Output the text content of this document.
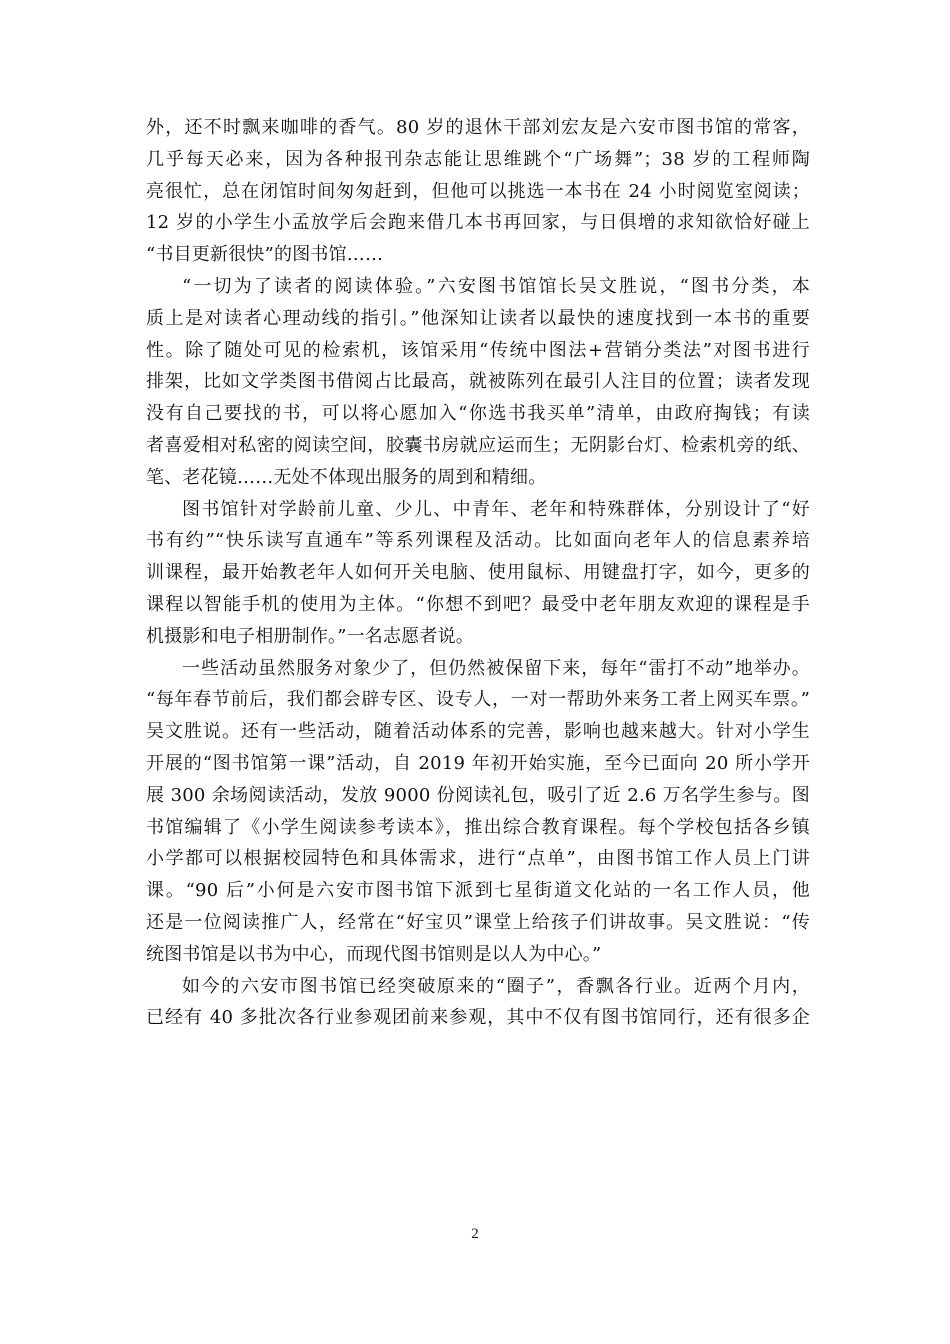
外，还不时飘来咖啡的香气。80 岁的退休干部刘宏友是六安市图书馆的常客，
几乎每天必来，因为各种报刊杂志能让思维跳个“广场舞”；38 岁的工程师陶
亮很忙，总在闭馆时间匆匆赶到，但他可以挑选一本书在 24 小时阅览室阅读；
12 岁的小学生小孟放学后会跑来借几本书再回家，与日俱增的求知欲恰好碰上
“书目更新很快”的图书馆……
“一切为了读者的阅读体验。”六安图书馆馆长吴文胜说，“图书分类，本
质上是对读者心理动线的指引。”他深知让读者以最快的速度找到一本书的重要
性。除了随处可见的检索机，该馆采用“传统中图法+营销分类法”对图书进行
排架，比如文学类图书借阅占比最高，就被陈列在最引人注目的位置；读者发现
没有自己要找的书，可以将心愿加入“你选书我买单”清单，由政府掏钱；有读
者喜爱相对私密的阅读空间，胶囊书房就应运而生；无阴影台灯、检索机旁的纸、
笔、老花镜……无处不体现出服务的周到和精细。
图书馆针对学龄前儿童、少儿、中青年、老年和特殊群体，分别设计了“好
书有约”“快乐读写直通车”等系列课程及活动。比如面向老年人的信息素养培
训课程，最开始教老年人如何开关电脑、使用鼠标、用键盘打字，如今，更多的
课程以智能手机的使用为主体。“你想不到吧？最受中老年朋友欢迎的课程是手
机摄影和电子相册制作。”一名志愿者说。
一些活动虽然服务对象少了，但仍然被保留下来，每年“雷打不动”地举办。
“每年春节前后，我们都会辟专区、设专人，一对一帮助外来务工者上网买车票。”
吴文胜说。还有一些活动，随着活动体系的完善，影响也越来越大。针对小学生
开展的“图书馆第一课”活动，自 2019 年初开始实施，至今已面向 20 所小学开
展 300 余场阅读活动，发放 9000 份阅读礼包，吸引了近 2.6 万名学生参与。图
书馆编辑了《小学生阅读参考读本》，推出综合教育课程。每个学校包括各乡镇
小学都可以根据校园特色和具体需求，进行“点单”，由图书馆工作人员上门讲
课。“90 后”小何是六安市图书馆下派到七星街道文化站的一名工作人员，他
还是一位阅读推广人，经常在“好宝贝”课堂上给孩子们讲故事。吴文胜说：“传
统图书馆是以书为中心，而现代图书馆则是以人为中心。”
如今的六安市图书馆已经突破原来的“圈子”，香飘各行业。近两个月内，
已经有 40 多批次各行业参观团前来参观，其中不仅有图书馆同行，还有很多企
2
